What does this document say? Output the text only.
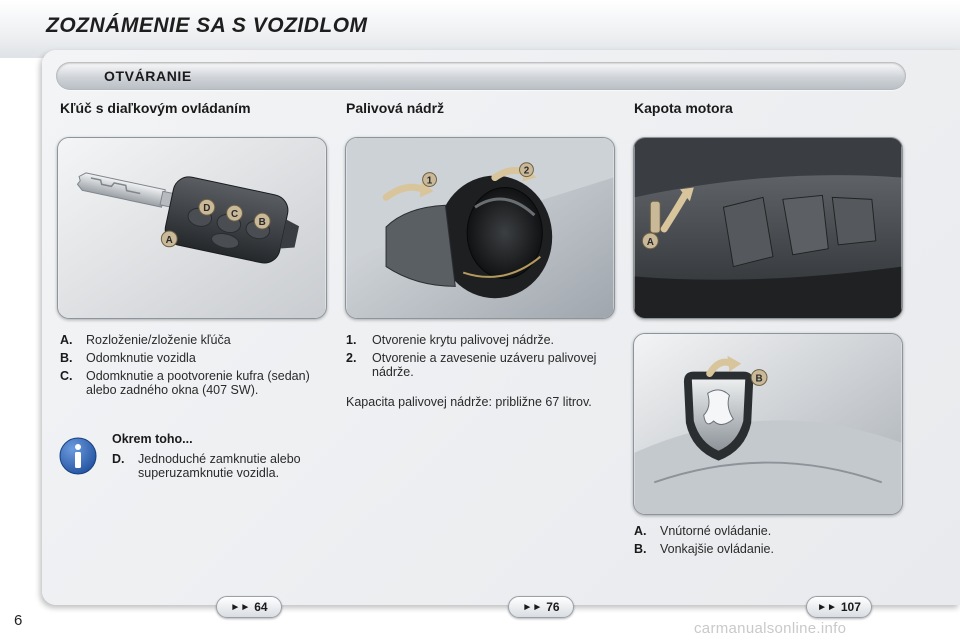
ZOZNÁMENIE SA S VOZIDLOM
OTVÁRANIE
Kľúč s diaľkovým ovládaním	Palivová nádrž	Kapota motora
D
C
B
A
1
2
A
B
A.	Rozloženie/zloženie kľúča
B.	Odomknutie vozidla
C.	Odomknutie a pootvorenie kufra (sedan) alebo zadného okna (407 SW).
Okrem toho...
D.	Jednoduché zamknutie alebo superuzamknutie vozidla.
1.	Otvorenie krytu palivovej nádrže.
2.	Otvorenie a zavesenie uzáveru palivovej nádrže.
Kapacita palivovej nádrže: približne 67 litrov.
A.	Vnútorné ovládanie.
B.	Vonkajšie ovládanie.
►► 64	►► 76	►► 107
6	carmanualsonline.info
